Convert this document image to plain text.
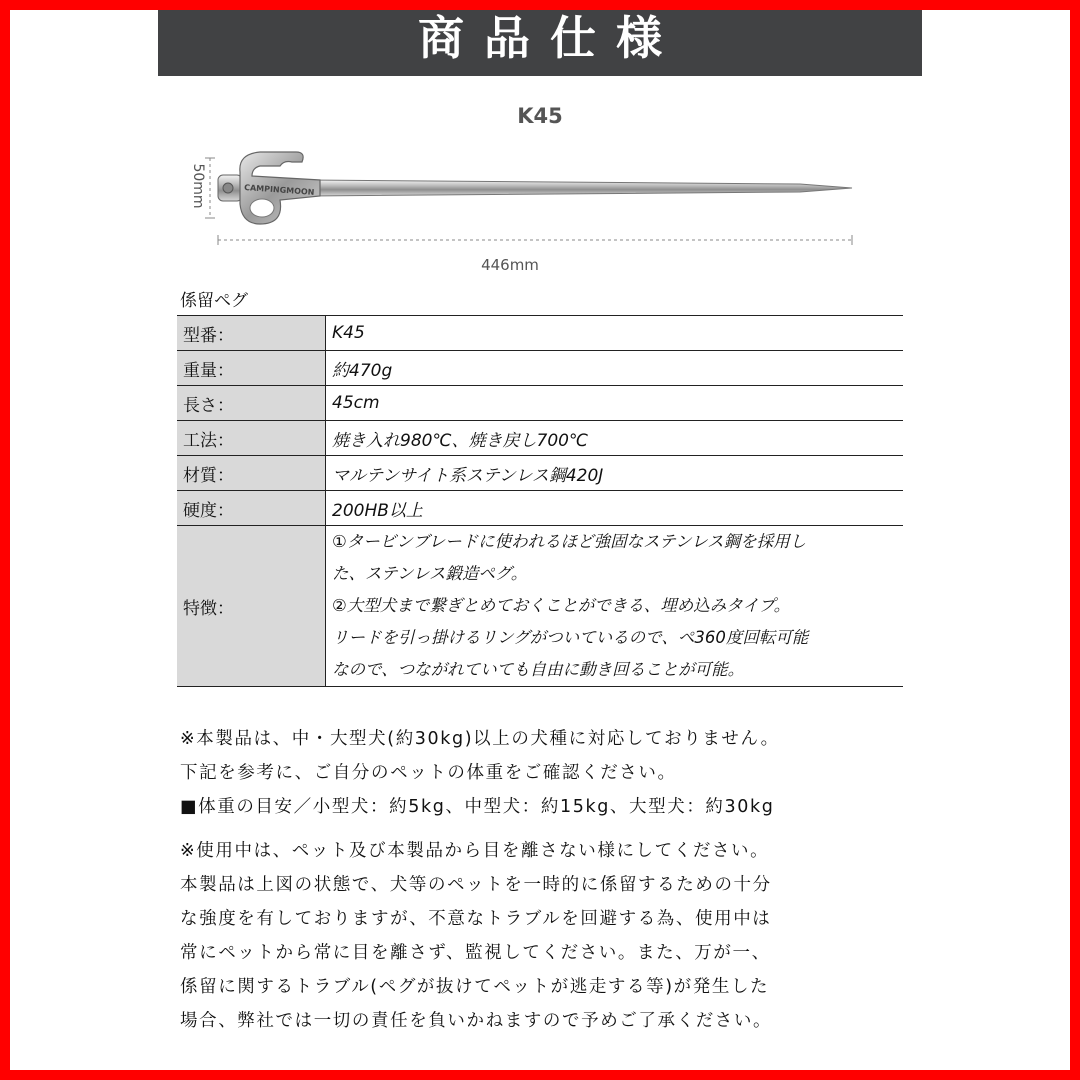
商品仕様
K45
CAMPINGMOON
50mm
446mm
係留ペグ
型番：	K45
重量：	約470g
長さ：	45cm
工法：	焼き入れ980℃、焼き戻し700℃
材質：	マルテンサイト系ステンレス鋼420J
硬度：	200HB以上
特徴：	①タービンブレードに使われるほど強固なステンレス鋼を採用し
た、ステンレス鍛造ペグ。
②大型犬まで繋ぎとめておくことができる、埋め込みタイプ。
リードを引っ掛けるリングがついているので、ペ360度回転可能
なので、つながれていても自由に動き回ることが可能。
※本製品は、中・大型犬(約30kg)以上の犬種に対応しておりません。
下記を参考に、ご自分のペットの体重をご確認ください。
■体重の目安／小型犬：約5kg、中型犬：約15kg、大型犬：約30kg
※使用中は、ペット及び本製品から目を離さない様にしてください。
本製品は上図の状態で、犬等のペットを一時的に係留するための十分
な強度を有しておりますが、不意なトラブルを回避する為、使用中は
常にペットから常に目を離さず、監視してください。また、万が一、
係留に関するトラブル(ペグが抜けてペットが逃走する等)が発生した
場合、弊社では一切の責任を負いかねますので予めご了承ください。
